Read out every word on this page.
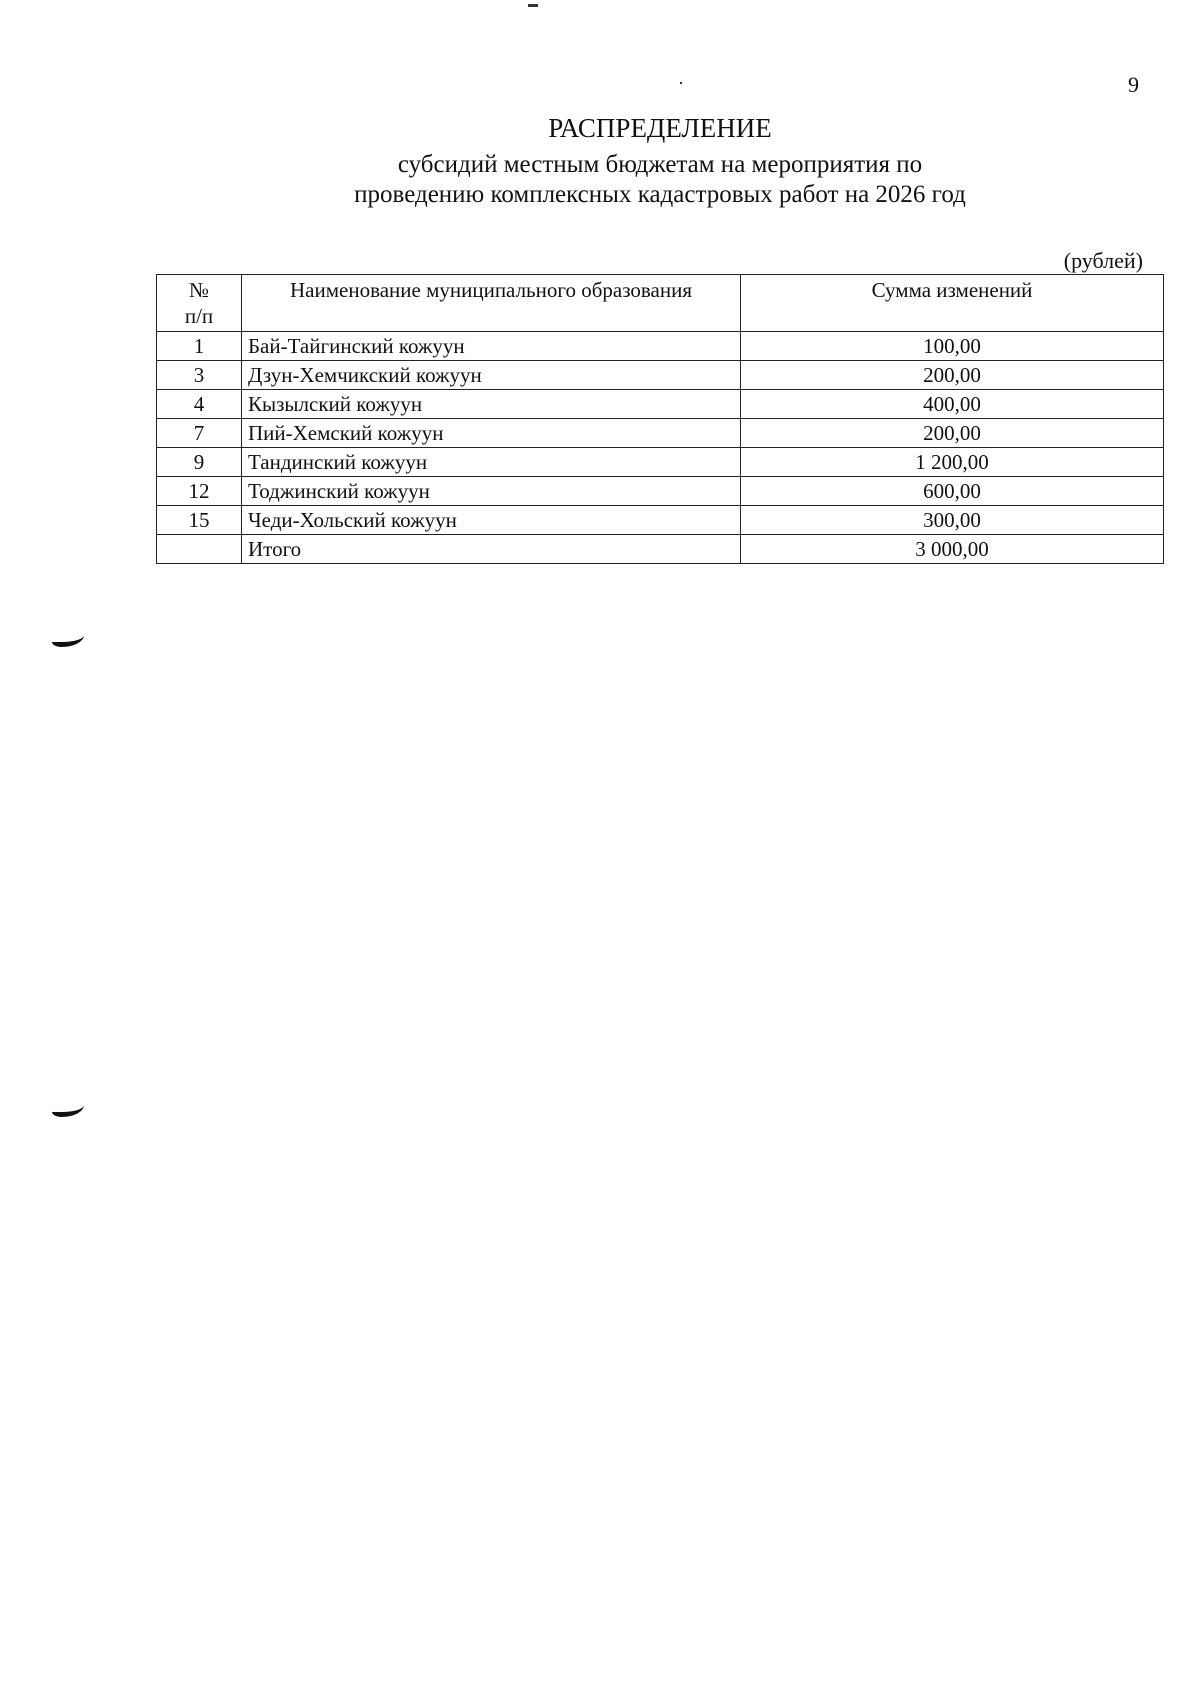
9
РАСПРЕДЕЛЕНИЕ
субсидий местным бюджетам на мероприятия по
проведению комплексных кадастровых работ на 2026 год
(рублей)
№
п/п	Наименование муниципального образования	Сумма изменений
1	Бай-Тайгинский кожуун	100,00
3	Дзун-Хемчикский кожуун	200,00
4	Кызылский кожуун	400,00
7	Пий-Хемский кожуун	200,00
9	Тандинский кожуун	1 200,00
12	Тоджинский кожуун	600,00
15	Чеди-Хольский кожуун	300,00
	Итого	3 000,00
